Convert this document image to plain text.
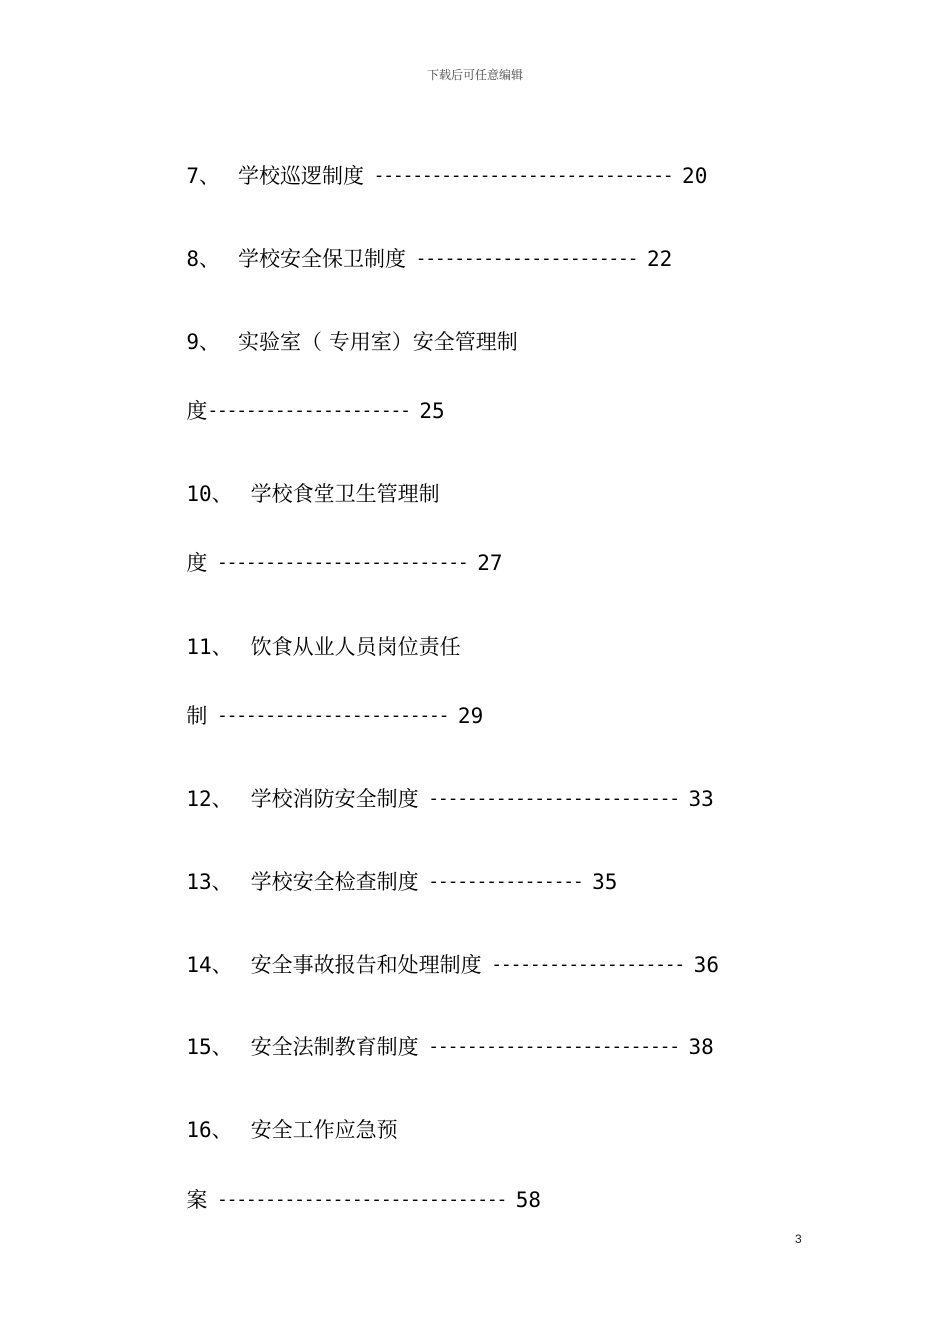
下载后可任意编辑

7、 学校巡逻制度 ------------------------------- 20

8、 学校安全保卫制度 ----------------------- 22

9、 实验室（ 专用室）安全管理制

度--------------------- 25

10、 学校食堂卫生管理制

度 -------------------------- 27

11、 饮食从业人员岗位责任

制 ------------------------ 29

12、 学校消防安全制度 -------------------------- 33

13、 学校安全检查制度 ---------------- 35

14、 安全事故报告和处理制度 -------------------- 36

15、 安全法制教育制度 -------------------------- 38

16、 安全工作应急预

案 ------------------------------ 58

3
